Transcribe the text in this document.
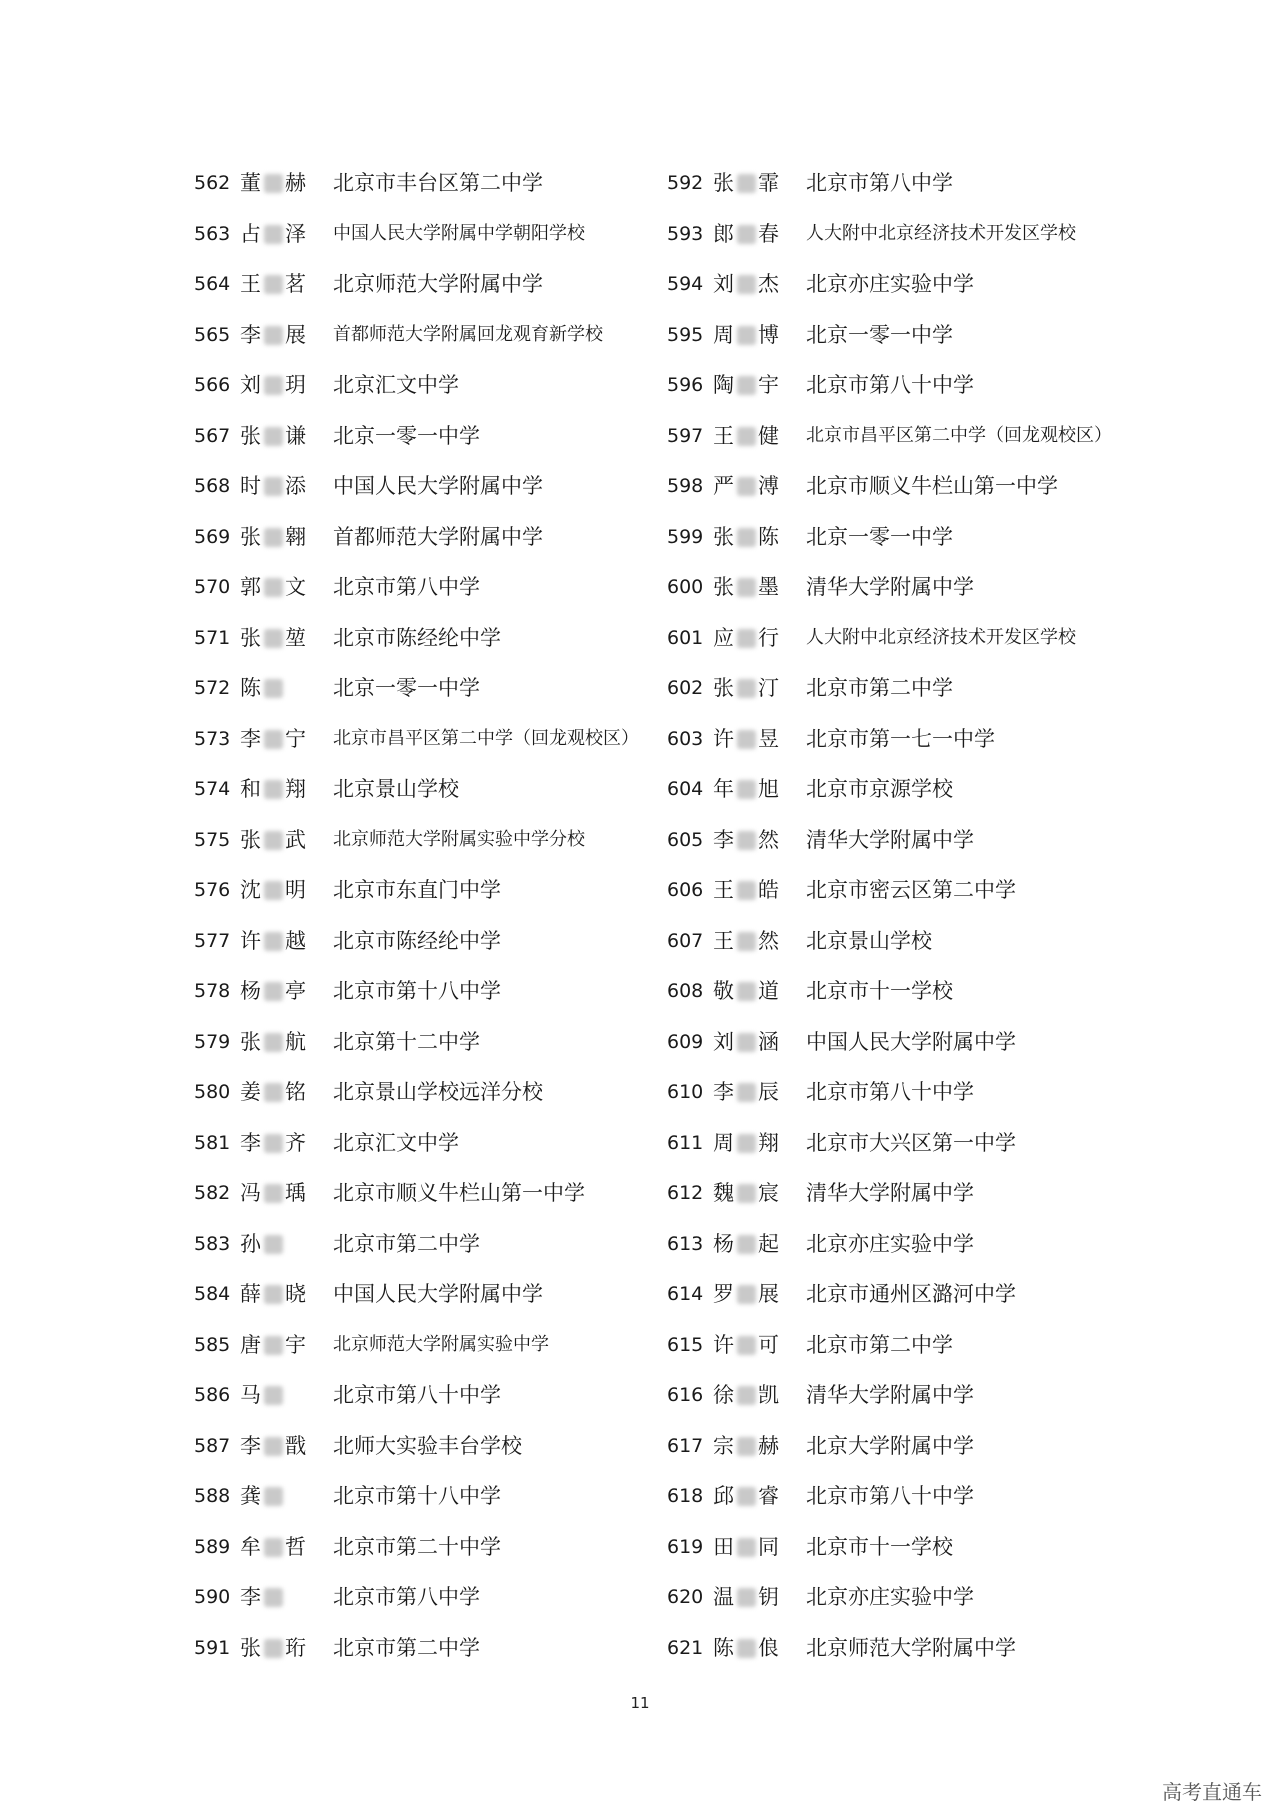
562 董 赫	北京市丰台区第二中学
563 占 泽	中国人民大学附属中学朝阳学校
564 王 茗	北京师范大学附属中学
565 李 展	首都师范大学附属回龙观育新学校
566 刘 玥	北京汇文中学
567 张 谦	北京一零一中学
568 时 添	中国人民大学附属中学
569 张 翱	首都师范大学附属中学
570 郭 文	北京市第八中学
571 张 堃	北京市陈经纶中学
572 陈	北京一零一中学
573 李 宁	北京市昌平区第二中学（回龙观校区）
574 和 翔	北京景山学校
575 张 武	北京师范大学附属实验中学分校
576 沈 明	北京市东直门中学
577 许 越	北京市陈经纶中学
578 杨 亭	北京市第十八中学
579 张 航	北京第十二中学
580 姜 铭	北京景山学校远洋分校
581 李 齐	北京汇文中学
582 冯 瑀	北京市顺义牛栏山第一中学
583 孙	北京市第二中学
584 薛 晓	中国人民大学附属中学
585 唐 宇	北京师范大学附属实验中学
586 马	北京市第八十中学
587 李 戬	北师大实验丰台学校
588 龚	北京市第十八中学
589 牟 哲	北京市第二十中学
590 李	北京市第八中学
591 张 珩	北京市第二中学
592 张 霏	北京市第八中学
593 郎 春	人大附中北京经济技术开发区学校
594 刘 杰	北京亦庄实验中学
595 周 博	北京一零一中学
596 陶 宇	北京市第八十中学
597 王 健	北京市昌平区第二中学（回龙观校区）
598 严 溥	北京市顺义牛栏山第一中学
599 张 陈	北京一零一中学
600 张 墨	清华大学附属中学
601 应 行	人大附中北京经济技术开发区学校
602 张 汀	北京市第二中学
603 许 昱	北京市第一七一中学
604 年 旭	北京市京源学校
605 李 然	清华大学附属中学
606 王 皓	北京市密云区第二中学
607 王 然	北京景山学校
608 敬 道	北京市十一学校
609 刘 涵	中国人民大学附属中学
610 李 辰	北京市第八十中学
611 周 翔	北京市大兴区第一中学
612 魏 宸	清华大学附属中学
613 杨 起	北京亦庄实验中学
614 罗 展	北京市通州区潞河中学
615 许 可	北京市第二中学
616 徐 凯	清华大学附属中学
617 宗 赫	北京大学附属中学
618 邱 睿	北京市第八十中学
619 田 同	北京市十一学校
620 温 钥	北京亦庄实验中学
621 陈 俍	北京师范大学附属中学
11
高考直通车
